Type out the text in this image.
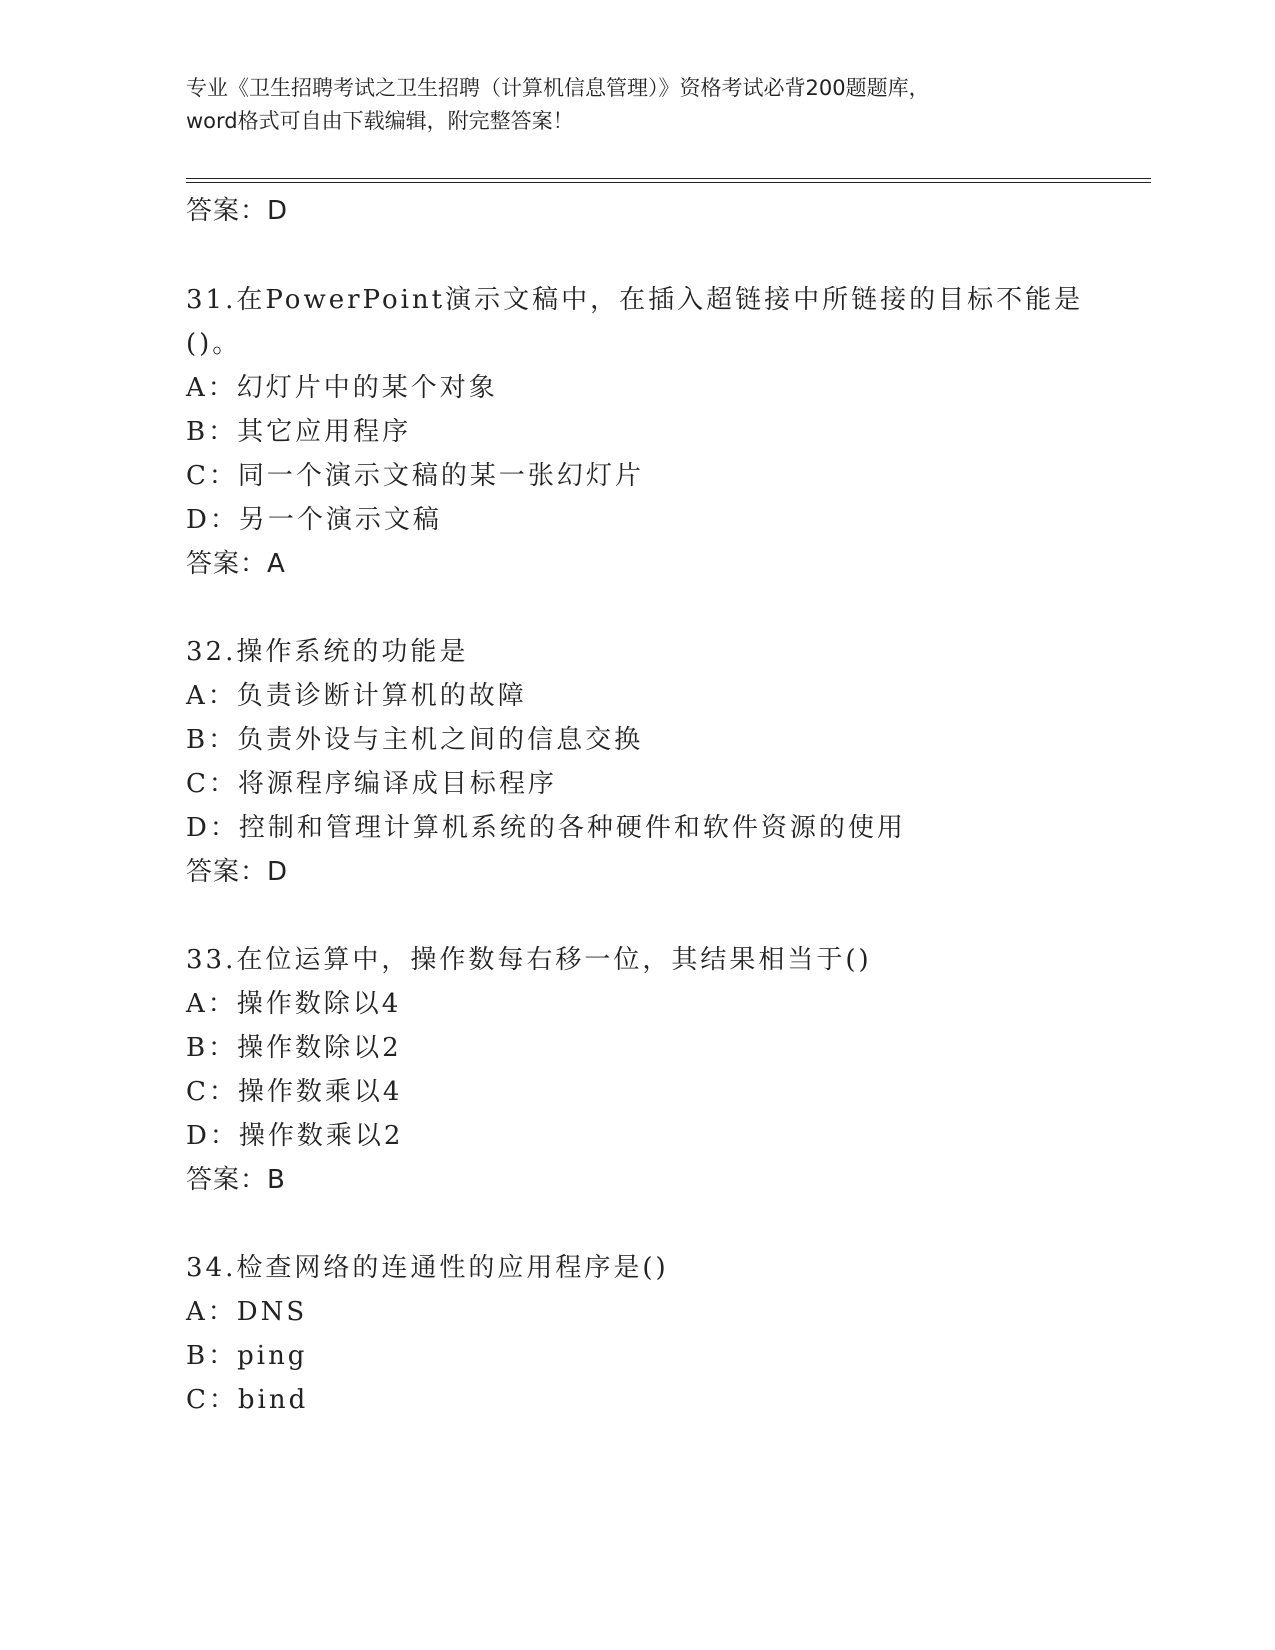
专业《卫生招聘考试之卫生招聘（计算机信息管理）》资格考试必背200题题库，
word格式可自由下载编辑，附完整答案！
答案：D
31.在PowerPoint演示文稿中，在插入超链接中所链接的目标不能是
()。
A：幻灯片中的某个对象
B：其它应用程序
C：同一个演示文稿的某一张幻灯片
D：另一个演示文稿
答案：A
32.操作系统的功能是
A：负责诊断计算机的故障
B：负责外设与主机之间的信息交换
C：将源程序编译成目标程序
D：控制和管理计算机系统的各种硬件和软件资源的使用
答案：D
33.在位运算中，操作数每右移一位，其结果相当于()
A：操作数除以4
B：操作数除以2
C：操作数乘以4
D：操作数乘以2
答案：B
34.检查网络的连通性的应用程序是()
A：DNS
B：ping
C：bind
